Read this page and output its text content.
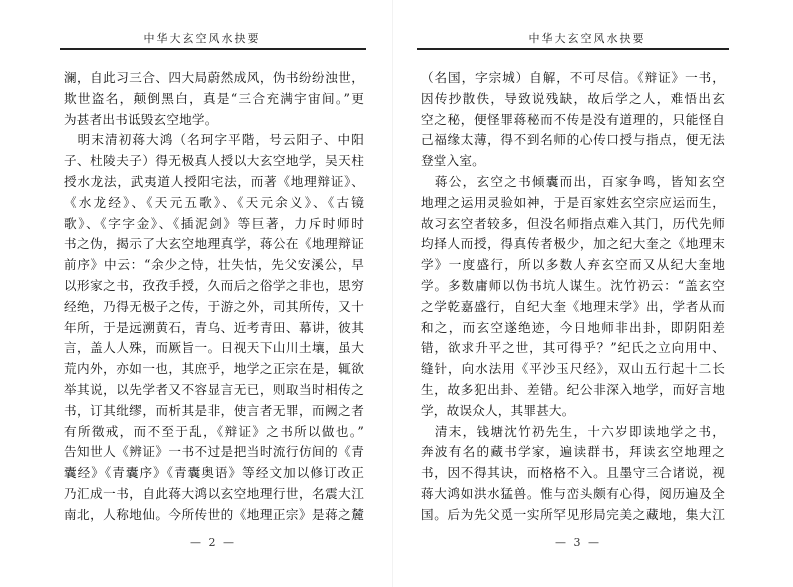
中华大玄空风水抉要
澜，自此习三合、四大局蔚然成风，伪书纷纷浊世，
欺世盗名，颠倒黑白，真是“三合充满宇宙间。”更
为甚者出书诋毁玄空地学。
　明末清初蒋大鸿（名珂字平階，号云阳子、中阳
子、杜陵夫子）得无极真人授以大玄空地学，吴天柱
授水龙法，武夷道人授阳宅法，而著《地理辩证》、
《水龙经》、《天元五歌》、《天元余义》、《古镜
歌》、《字字金》、《插泥剑》等巨著，力斥时师时
书之伪，揭示了大玄空地理真学，蒋公在《地理辩证
前序》中云：“余少之恃，壮失怙，先父安溪公，早
以形家之书，孜孜手授，久而后之俗学之非也，思穷
经绝，乃得无极子之传，于游之外，司其所传，又十
年所，于是远溯黄石，青乌、近考青田、幕讲，彼其
言，盖人人殊，而厥旨一。日视天下山川土壤，虽大
荒内外，亦如一也，其庶乎，地学之正宗在是，辄欲
举其说，以先学者又不容显言无已，则取当时相传之
书，订其纰缪，而析其是非，使言者无罪，而阙之者
有所徵戒，而不至于乱，《辩证》之书所以做也。”
告知世人《辨证》一书不过是把当时流行仿间的《青
囊经》《青囊序》《青囊奥语》等经文加以修订改正
乃汇成一书，自此蒋大鸿以玄空地理行世，名震大江
南北，人称地仙。今所传世的《地理正宗》是蒋之麓
— 2 —
中华大玄空风水抉要
（名国，字宗城）自解，不可尽信。《辩证》一书，
因传抄散佚，导致说残缺，故后学之人，难悟出玄
空之秘，便怪罪蒋秘而不传是没有道理的，只能怪自
己福缘太薄，得不到名师的心传口授与指点，便无法
登堂入室。
　蒋公，玄空之书倾囊而出，百家争鸣，皆知玄空
地理之运用灵验如神，于是百家姓玄空宗应运而生，
故习玄空者较多，但没名师指点难入其门，历代先师
均择人而授，得真传者极少，加之纪大奎之《地理末
学》一度盛行，所以多数人弃玄空而又从纪大奎地
学。多数庸师以伪书坑人谋生。沈竹礽云：“盖玄空
之学乾嘉盛行，自纪大奎《地理末学》出，学者从而
和之，而玄空遂绝迹，今日地师非出卦，即阴阳差
错，欲求升平之世，其可得乎？”纪氏之立向用中、
缝针，向水法用《平沙玉尺经》，双山五行起十二长
生，故多犯出卦、差错。纪公非深入地学，而好言地
学，故误众人，其罪甚大。
　清末，钱塘沈竹礽先生，十六岁即读地学之书，
奔波有名的藏书学家，遍读群书，拜读玄空地理之
书，因不得其诀，而格格不入。且墨守三合诸说，视
蒋大鸿如洪水猛兽。惟与峦头颇有心得，阅历遍及全
国。后为先父觅一实所罕见形局完美之藏地，集大江
— 3 —
